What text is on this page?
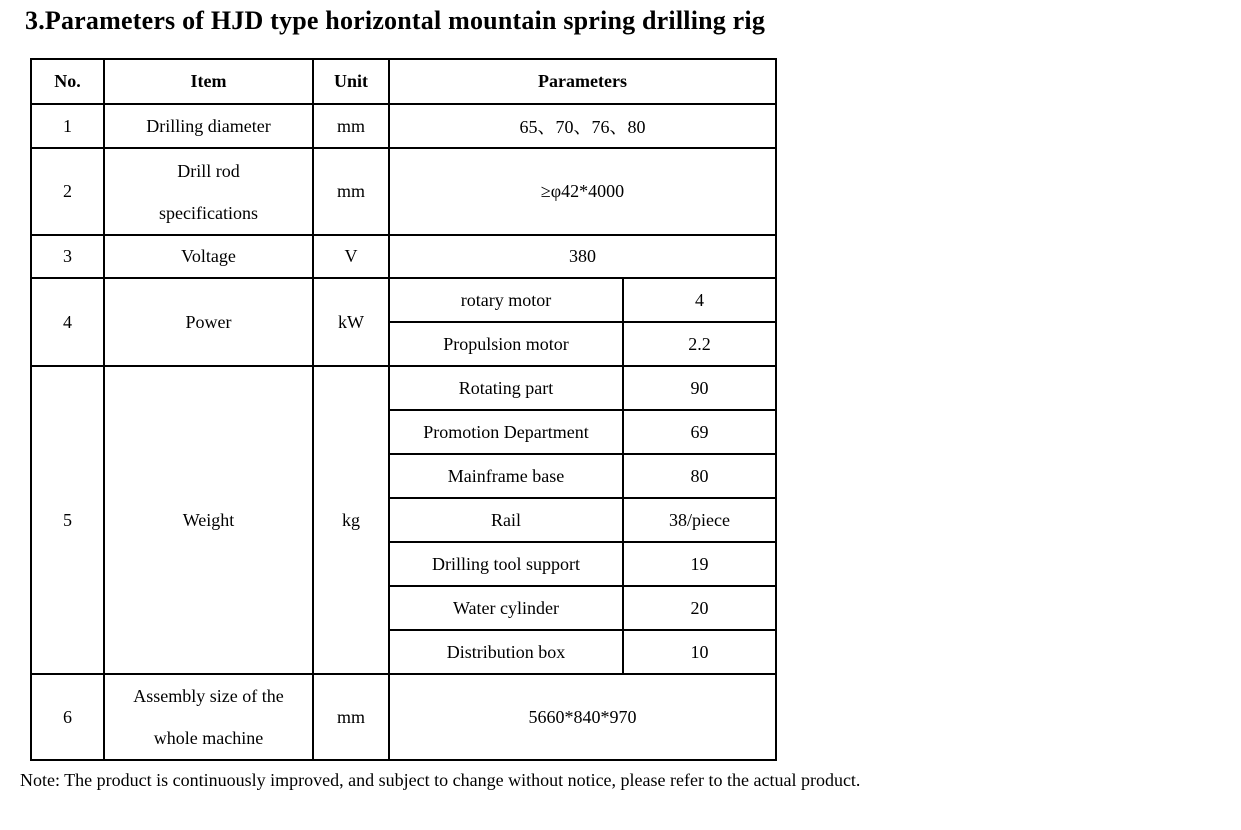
3.Parameters of HJD type horizontal mountain spring drilling rig
No.	Item	Unit	Parameters	
1	Drilling diameter	mm	65、70、76、80	
2	Drill rod
specifications	mm	≥φ42*4000	
3	Voltage	V	380	
4	Power	kW	rotary motor	4
			Propulsion motor	2.2
5	Weight	kg	Rotating part	90
			Promotion Department	69
			Mainframe base	80
			Rail	38/piece
			Drilling tool support	19
			Water cylinder	20
			Distribution box	10
6	Assembly size of the
whole machine	mm	5660*840*970	

Note: The product is continuously improved, and subject to change without notice, please refer to the actual product.
